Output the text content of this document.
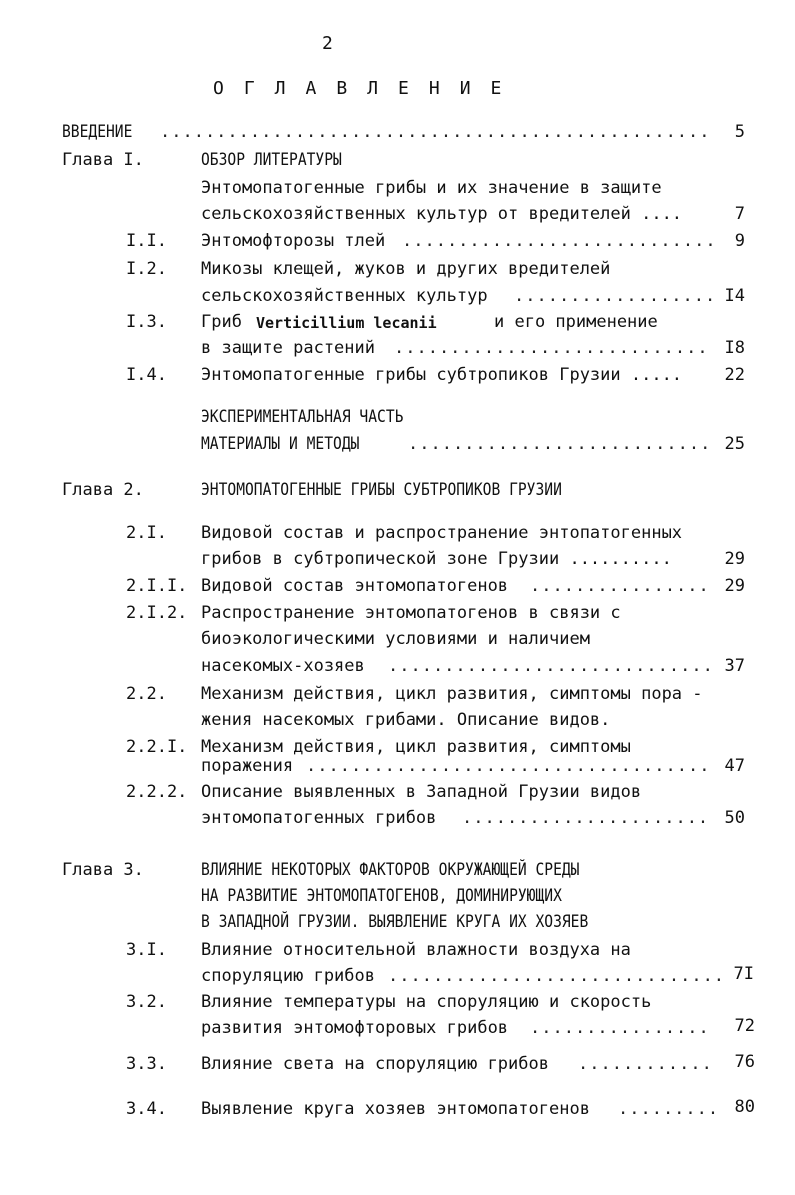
2
ОГЛАВЛЕНИЕ
ВВЕДЕНИЕ .....	5
Глава I.	ОБЗОР ЛИТЕРАТУРЫ
Энтомопатогенные грибы и их значение в защите
сельскохозяйственных культур от вредителей ....	7
I.I. Энтомофторозы тлей .....	9
I.2. Микозы клещей, жуков и других вредителей
сельскохозяйственных культур .....	I4
I.3. Гриб Verticillium lecanii	и его применение
в защите растений .....	I8
I.4. Энтомопатогенные грибы субтропиков Грузии .....	22
ЭКСПЕРИМЕНТАЛЬНАЯ ЧАСТЬ
МАТЕРИАЛЫ И МЕТОДЫ .....	25
Глава 2.	ЭНТОМОПАТОГЕННЫЕ ГРИБЫ СУБТРОПИКОВ ГРУЗИИ
2.I. Видовой состав и распространение энтопатогенных
грибов в субтропической зоне Грузии ..........	29
2.I.I. Видовой состав энтомопатогенов .....	29
2.I.2. Распространение энтомопатогенов в связи с
биоэкологическими условиями и наличием
насекомых-хозяев .....	37
2.2. Механизм действия, цикл развития, симптомы пора -
жения насекомых грибами. Описание видов.
2.2.I. Механизм действия, цикл развития, симптомы
поражения .....	47
2.2.2. Описание выявленных в Западной Грузии видов
энтомопатогенных грибов .....	50
Глава 3.	ВЛИЯНИЕ НЕКОТОРЫХ ФАКТОРОВ ОКРУЖАЮЩЕЙ СРЕДЫ
НА РАЗВИТИЕ ЭНТОМОПАТОГЕНОВ, ДОМИНИРУЮЩИХ
В ЗАПАДНОЙ ГРУЗИИ. ВЫЯВЛЕНИЕ КРУГА ИХ ХОЗЯЕВ
3.I. Влияние относительной влажности воздуха на
споруляцию грибов .....	7I
3.2. Влияние температуры на споруляцию и скорость
развития энтомофторовых грибов .....	72
3.3. Влияние света на споруляцию грибов .....	76
3.4. Выявление круга хозяев энтомопатогенов .....	80
